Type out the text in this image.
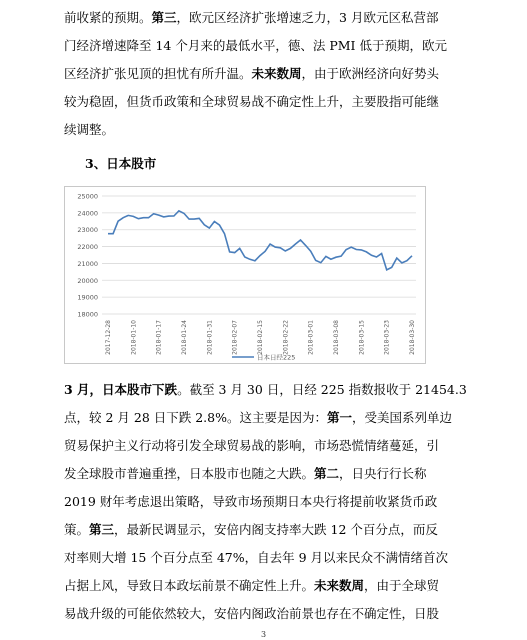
前收紧的预期。第三，欧元区经济扩张增速乏力，3 月欧元区私营部
门经济增速降至 14 个月来的最低水平，德、法 PMI 低于预期，欧元
区经济扩张见顶的担忧有所升温。未来数周，由于欧洲经济向好势头
较为稳固，但货币政策和全球贸易战不确定性上升，主要股指可能继
续调整。
3、日本股市
18000
19000
20000
21000
22000
23000
24000
25000
2017-12-28	2018-01-10	2018-01-17	2018-01-24	2018-01-31	2018-02-07	2018-02-15	2018-02-22	2018-03-01	2018-03-08	2018-03-15	2018-03-23	2018-03-30
日本日经225
3 月，日本股市下跌。截至 3 月 30 日，日经 225 指数报收于 21454.3
点，较 2 月 28 日下跌 2.8%。这主要是因为：第一，受美国系列单边
贸易保护主义行动将引发全球贸易战的影响，市场恐慌情绪蔓延，引
发全球股市普遍重挫，日本股市也随之大跌。第二，日央行行长称
2019 财年考虑退出策略，导致市场预期日本央行将提前收紧货币政
策。第三，最新民调显示，安倍内阁支持率大跌 12 个百分点，而反
对率则大增 15 个百分点至 47%，自去年 9 月以来民众不满情绪首次
占据上风，导致日本政坛前景不确定性上升。未来数周，由于全球贸
易战升级的可能依然较大，安倍内阁政治前景也存在不确定性，日股
3
